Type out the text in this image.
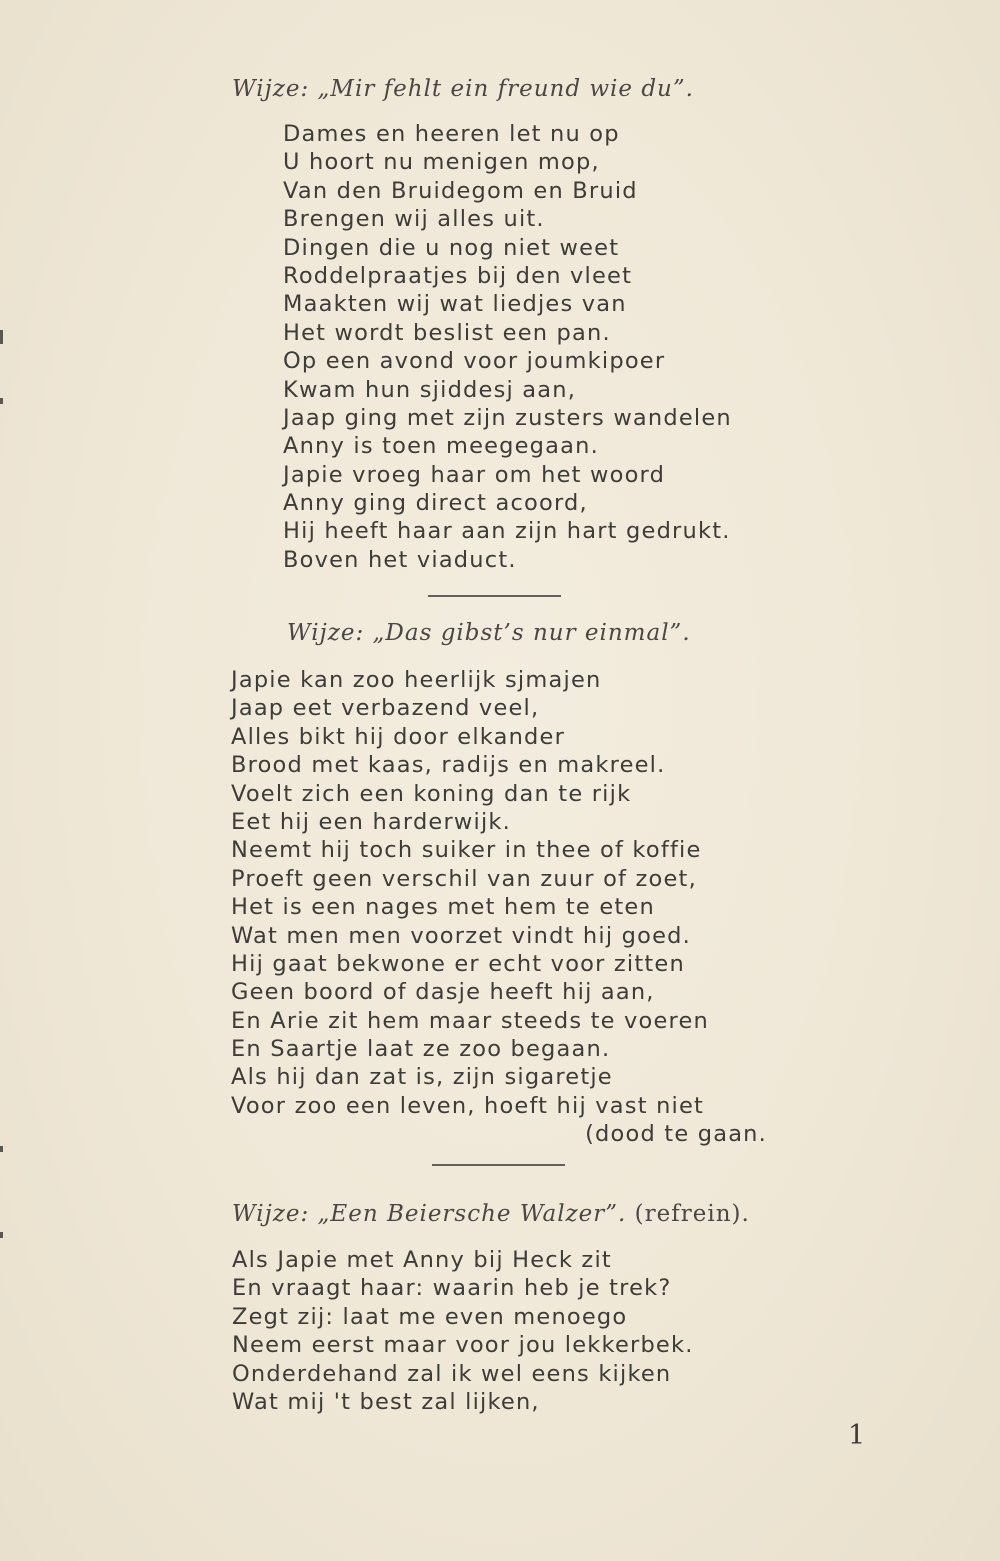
Wijze: „Mir fehlt ein freund wie du”.
Dames en heeren let nu op
U hoort nu menigen mop,
Van den Bruidegom en Bruid
Brengen wij alles uit.
Dingen die u nog niet weet
Roddelpraatjes bij den vleet
Maakten wij wat liedjes van
Het wordt beslist een pan.
Op een avond voor joumkipoer
Kwam hun sjiddesj aan,
Jaap ging met zijn zusters wandelen
Anny is toen meegegaan.
Japie vroeg haar om het woord
Anny ging direct acoord,
Hij heeft haar aan zijn hart gedrukt.
Boven het viaduct.
Wijze: „Das gibst’s nur einmal”.
Japie kan zoo heerlijk sjmajen
Jaap eet verbazend veel,
Alles bikt hij door elkander
Brood met kaas, radijs en makreel.
Voelt zich een koning dan te rijk
Eet hij een harderwijk.
Neemt hij toch suiker in thee of koffie
Proeft geen verschil van zuur of zoet,
Het is een nages met hem te eten
Wat men men voorzet vindt hij goed.
Hij gaat bekwone er echt voor zitten
Geen boord of dasje heeft hij aan,
En Arie zit hem maar steeds te voeren
En Saartje laat ze zoo begaan.
Als hij dan zat is, zijn sigaretje
Voor zoo een leven, hoeft hij vast niet
(dood te gaan.
Wijze: „Een Beiersche Walzer”. (refrein).
Als Japie met Anny bij Heck zit
En vraagt haar: waarin heb je trek?
Zegt zij: laat me even menoego
Neem eerst maar voor jou lekkerbek.
Onderdehand zal ik wel eens kijken
Wat mij 't best zal lijken,
1
